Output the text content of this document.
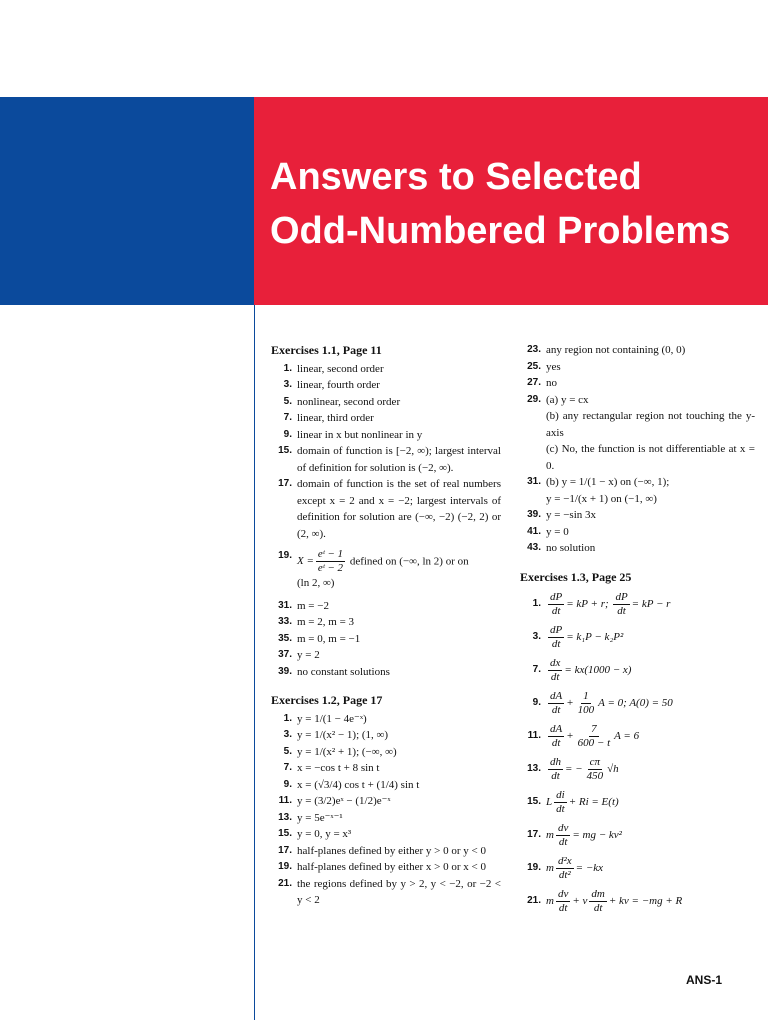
Answers to Selected
Odd-Numbered Problems
Exercises 1.1, Page 11
1. linear, second order
3. linear, fourth order
5. nonlinear, second order
7. linear, third order
9. linear in x but nonlinear in y
15. domain of function is [−2, ∞); largest interval of definition for solution is (−2, ∞).
17. domain of function is the set of real numbers except x = 2 and x = −2; largest intervals of definition for solution are (−∞, −2) (−2, 2) or (2, ∞).
19. $X = \frac{\text{eᵗ − 1}}{\text{eᵗ − 2}}$ defined on (−∞, ln 2) or on
(ln 2, ∞)
31. m = −2
33. m = 2, m = 3
35. m = 0, m = −1
37. y = 2
39. no constant solutions
Exercises 1.2, Page 17
1. y = 1/(1 − 4e⁻ˣ)
3. y = 1/(x² − 1); (1, ∞)
5. y = 1/(x² + 1); (−∞, ∞)
7. x = −cos t + 8 sin t
9. x = (√3/4) cos t + (1/4) sin t
11. y = (3/2)eˣ − (1/2)e⁻ˣ
13. y = 5e⁻ˣ⁻¹
15. y = 0, y = x³
17. half-planes defined by either y > 0 or y < 0
19. half-planes defined by either x > 0 or x < 0
21. the regions defined by y > 2, y < −2, or −2 < y < 2
23. any region not containing (0, 0)
25. yes
27. no
29. (a) y = cx
(b) any rectangular region not touching the y-axis
(c) No, the function is not differentiable at x = 0.
31. (b) y = 1/(1 − x) on (−∞, 1);
y = −1/(x + 1) on (−1, ∞)
39. y = −sin 3x
41. y = 0
43. no solution
Exercises 1.3, Page 25
1. $\frac{dP}{dt}$ = kP + r;
$\frac{dP}{dt}$ = kP − r
3. $\frac{dP}{dt} = k_1P - k_2P^2$
7. $\frac{dx}{dt} = kx(1000 - x)$
9. $\frac{dA}{dt} + \frac{1}{100}$ A = 0; A(0) = 50
11. $\frac{dA}{dt} + \frac{7}{600 - t}$ A = 6
13. $\frac{dh}{dt}$ = − $\frac{c\pi}{450} √h$
15. L $\frac{di}{dt} + Ri = E(t)$
17. m $\frac{dv}{dt}$ = mg − kv²
19. m $\frac{\text{d²x}}{\text{dt²}} = -kx$
21. m $\frac{dv}{dt} + v \frac{dm}{dt}$ + kv = −mg + R
ANS-1
